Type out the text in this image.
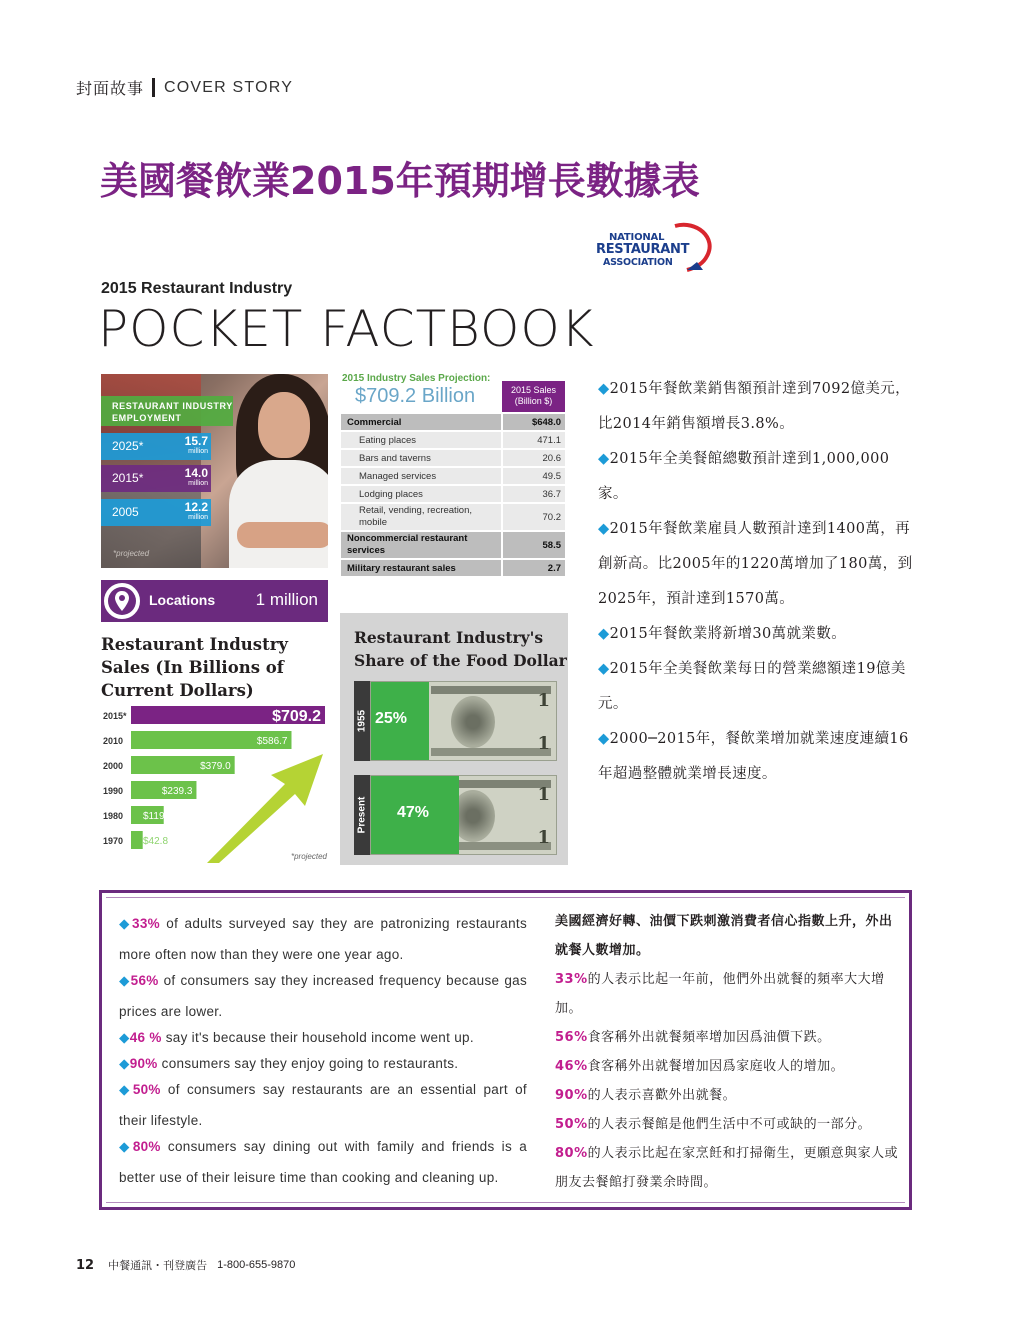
封面故事 COVER STORY
美國餐飲業2015年預期增長數據表
NATIONAL
RESTAURANT
ASSOCIATION
2015 Restaurant Industry
POCKET FACTBOOK
RESTAURANT INDUSTRY EMPLOYMENT
2025*	15.7
million
2015*	14.0
million
2005	12.2
million
*projected
Locations 1 million
Restaurant Industry Sales (In Billions of Current Dollars)
2015*	$709.2
2010	$586.7
2000	$379.0
1990	$239.3
1980 $119.6
1970 $42.8
*projected
2015 Industry Sales Projection:
$709.2 Billion	2015 Sales
(Billion $)
Commercial	$648.0
Eating places	471.1
Bars and taverns	20.6
Managed services	49.5
Lodging places	36.7
Retail, vending, recreation, mobile	70.2
Noncommercial restaurant services	58.5
Military restaurant sales	2.7
Restaurant Industry's
Share of the Food Dollar
1955
1
1
25%
Present
1
1
47%

◆2015年餐飲業銷售額預計達到7092億美元，比2014年銷售額增長3.8%。

◆2015年全美餐館總數預計達到1,000,000家。

◆2015年餐飲業雇員人數預計達到1400萬，再創新高。比2005年的1220萬增加了180萬，到2025年，預計達到1570萬。

◆2015年餐飲業將新增30萬就業數。

◆2015年全美餐飲業每日的營業總額達19億美元。

◆2000─2015年，餐飲業增加就業速度連續16年超過整體就業增長速度。

◆33% of adults surveyed say they are patronizing restaurants more often now than they were one year ago.

◆56% of consumers say they increased frequency because gas prices are lower.

◆46 % say it's because their household income went up.

◆90% consumers say they enjoy going to restaurants.

◆50% of consumers say restaurants are an essential part of their lifestyle.

◆80% consumers say dining out with family and friends is a better use of their leisure time than cooking and cleaning up.

美國經濟好轉、油價下跌刺激消費者信心指數上升，外出就餐人數增加。
33%的人表示比起一年前，他們外出就餐的頻率大大增加。
56%食客稱外出就餐頻率增加因爲油價下跌。
46%食客稱外出就餐增加因爲家庭收人的增加。
90%的人表示喜歡外出就餐。
50%的人表示餐館是他們生活中不可或缺的一部分。
80%的人表示比起在家烹飪和打掃衛生，更願意與家人或朋友去餐館打發業余時間。
12 中餐通訊・刊登廣告 1-800-655-9870
